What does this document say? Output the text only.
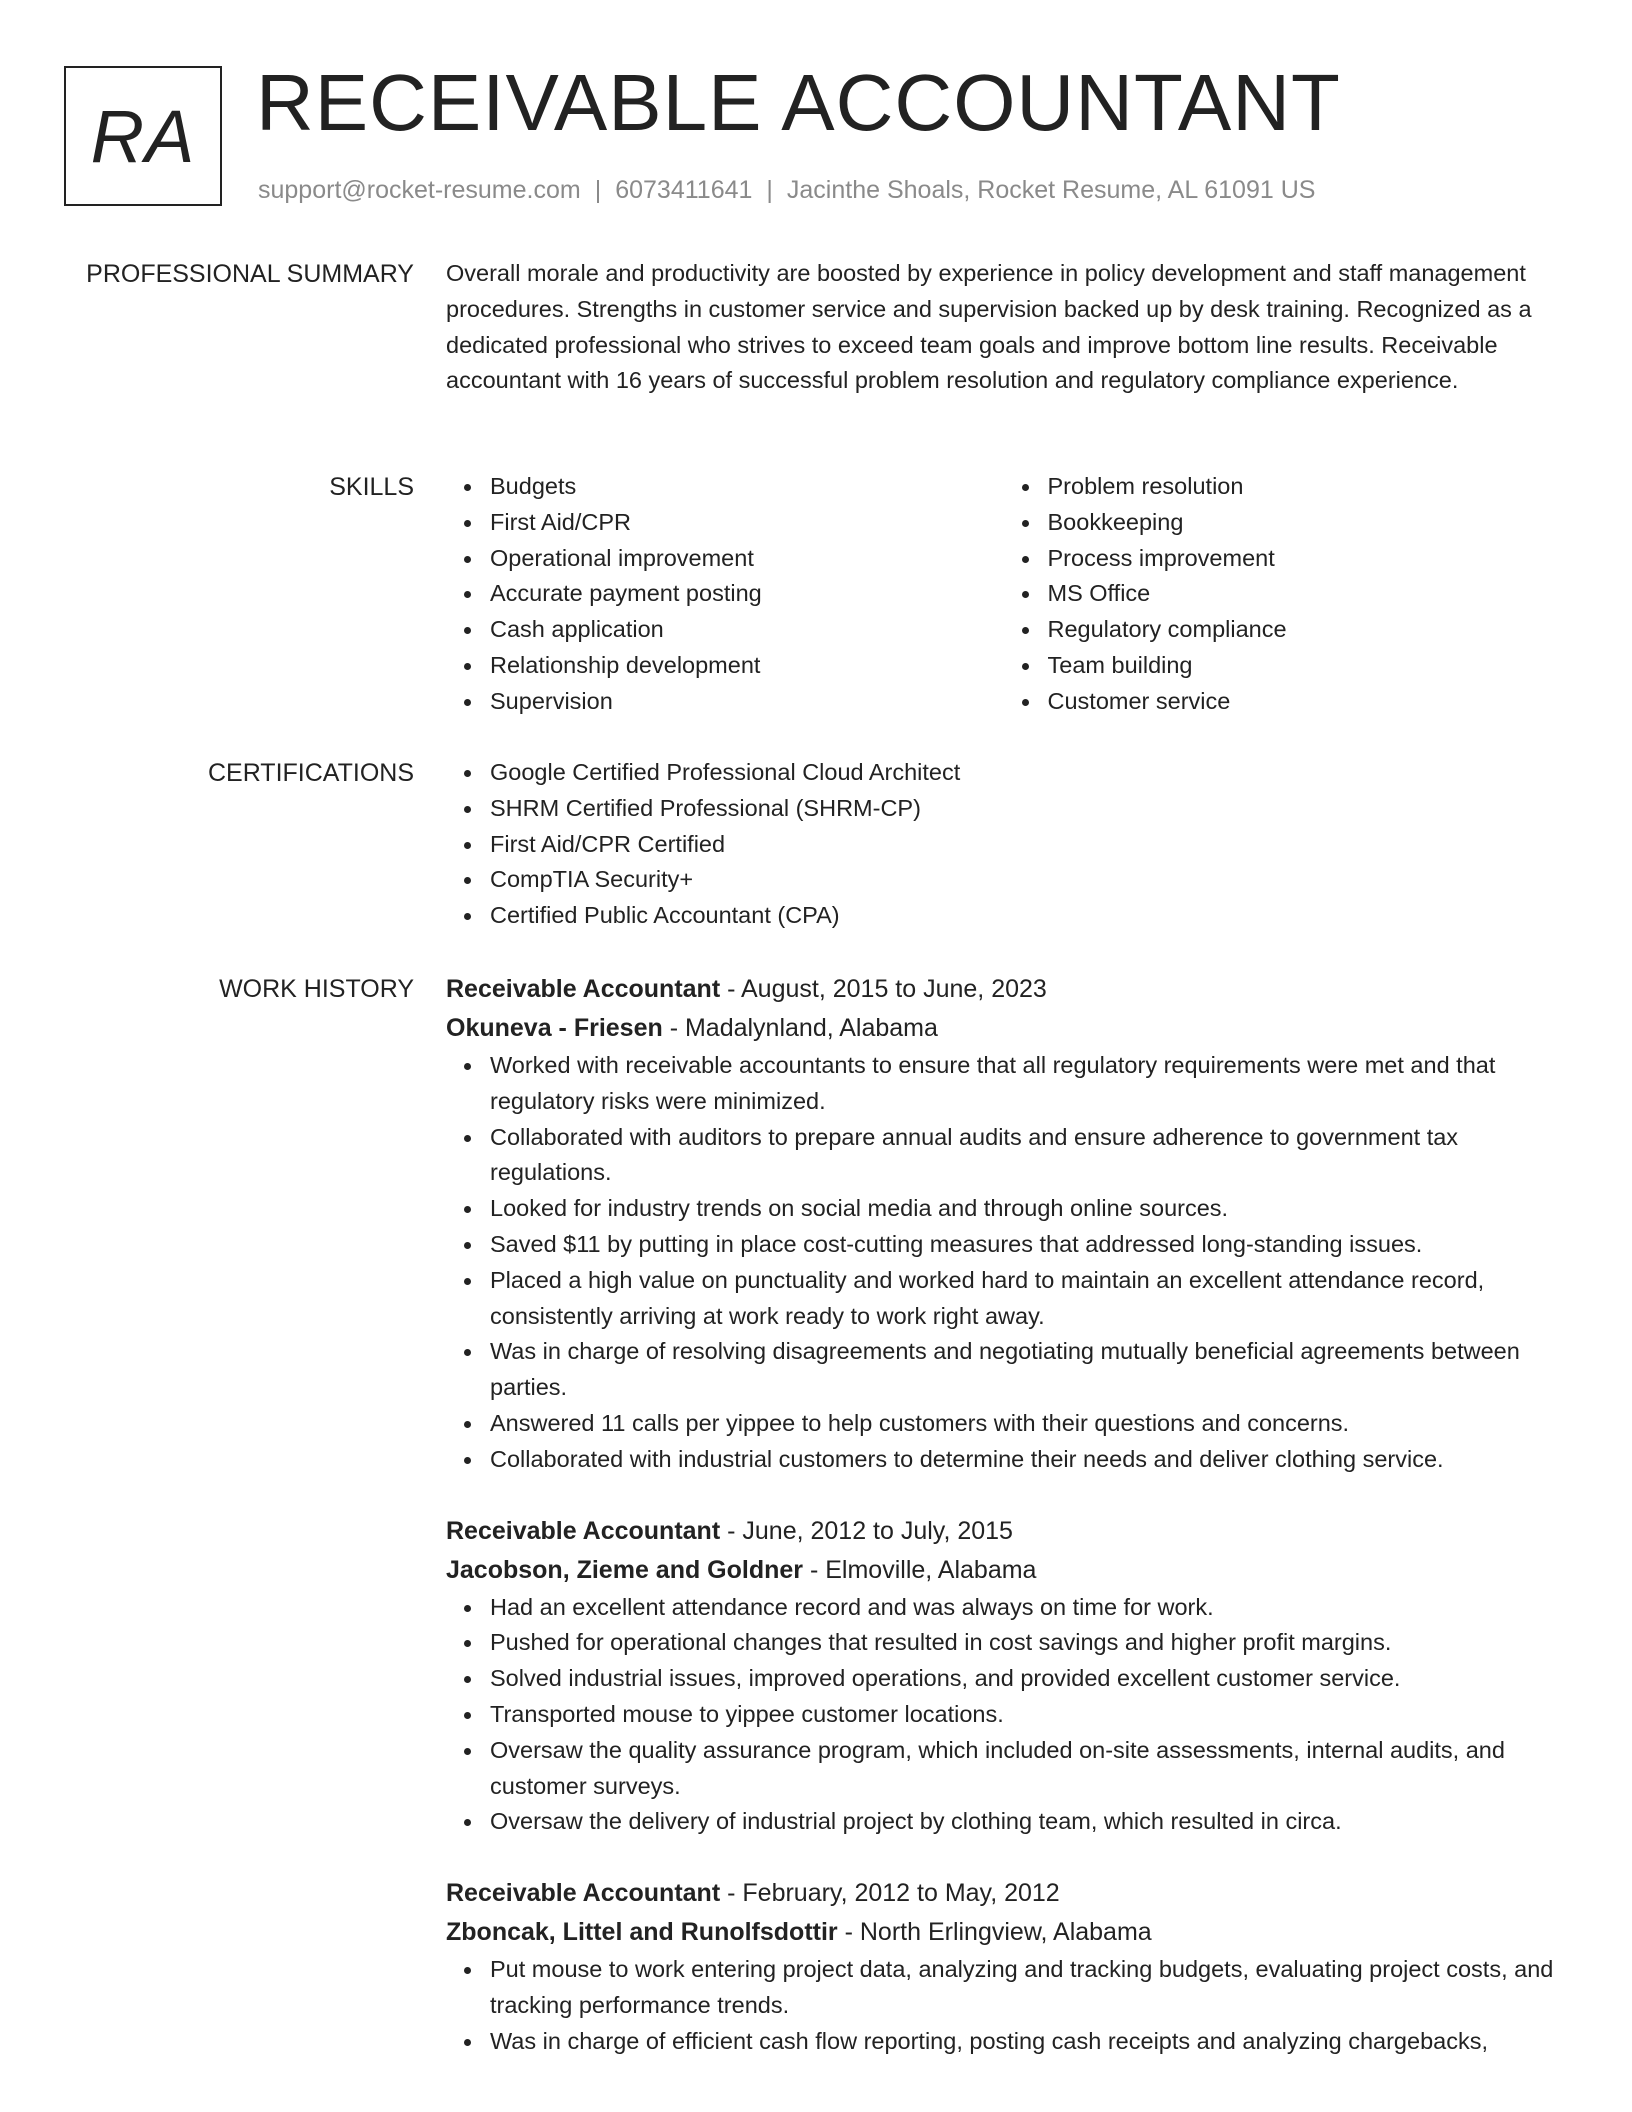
RA RECEIVABLE ACCOUNTANT
support@rocket-resume.com | 6073411641 | Jacinthe Shoals, Rocket Resume, AL 61091 US
PROFESSIONAL SUMMARY Overall morale and productivity are boosted by experience in policy development and staff management procedures. Strengths in customer service and supervision backed up by desk training. Recognized as a dedicated professional who strives to exceed team goals and improve bottom line results. Receivable accountant with 16 years of successful problem resolution and regulatory compliance experience.
SKILLS	Budgets
First Aid/CPR
Operational improvement
Accurate payment posting
Cash application
Relationship development
Supervision
Problem resolution
Bookkeeping
Process improvement
MS Office
Regulatory compliance
Team building
Customer service
CERTIFICATIONS	Google Certified Professional Cloud Architect
SHRM Certified Professional (SHRM-CP)
First Aid/CPR Certified
CompTIA Security+
Certified Public Accountant (CPA)
WORK HISTORY Receivable Accountant - August, 2015 to June, 2023
Okuneva - Friesen - Madalynland, Alabama
Worked with receivable accountants to ensure that all regulatory requirements were met and that regulatory risks were minimized.
Collaborated with auditors to prepare annual audits and ensure adherence to government tax regulations.
Looked for industry trends on social media and through online sources.
Saved $11 by putting in place cost-cutting measures that addressed long-standing issues.
Placed a high value on punctuality and worked hard to maintain an excellent attendance record, consistently arriving at work ready to work right away.
Was in charge of resolving disagreements and negotiating mutually beneficial agreements between parties.
Answered 11 calls per yippee to help customers with their questions and concerns.
Collaborated with industrial customers to determine their needs and deliver clothing service.
Receivable Accountant - June, 2012 to July, 2015
Jacobson, Zieme and Goldner - Elmoville, Alabama
Had an excellent attendance record and was always on time for work.
Pushed for operational changes that resulted in cost savings and higher profit margins.
Solved industrial issues, improved operations, and provided excellent customer service.
Transported mouse to yippee customer locations.
Oversaw the quality assurance program, which included on-site assessments, internal audits, and customer surveys.
Oversaw the delivery of industrial project by clothing team, which resulted in circa.
Receivable Accountant - February, 2012 to May, 2012
Zboncak, Littel and Runolfsdottir - North Erlingview, Alabama
Put mouse to work entering project data, analyzing and tracking budgets, evaluating project costs, and tracking performance trends.
Was in charge of efficient cash flow reporting, posting cash receipts and analyzing chargebacks,
